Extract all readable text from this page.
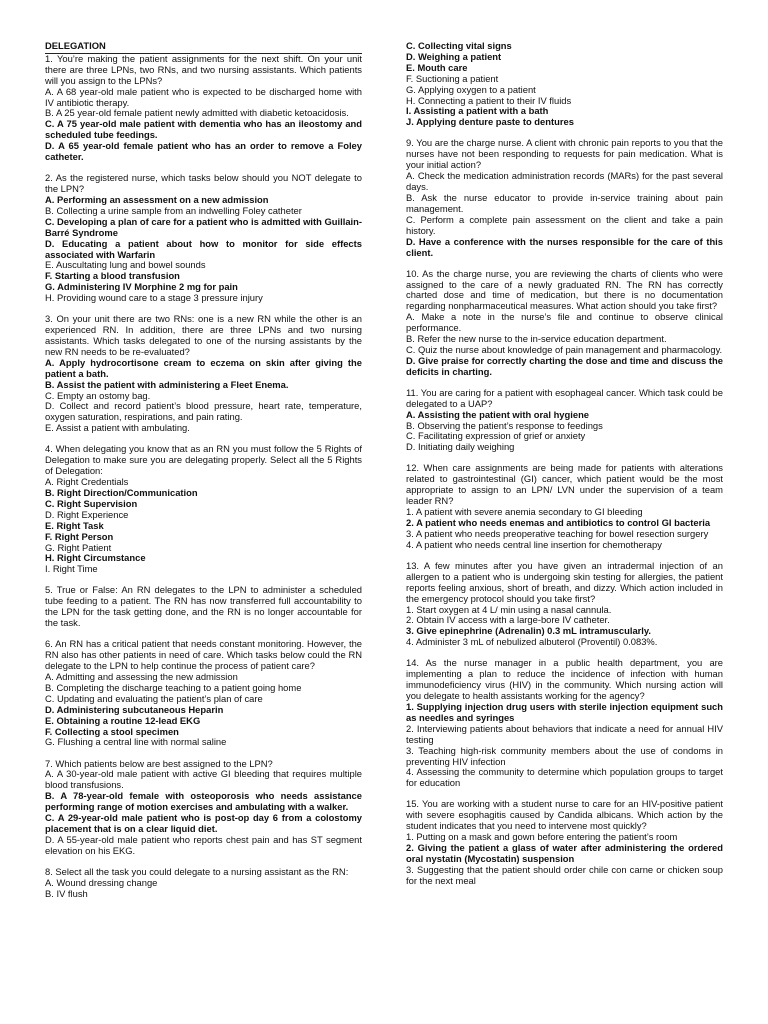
DELEGATION

1. You’re making the patient assignments for the next shift. On your unit there are three LPNs, two RNs, and two nursing assistants. Which patients will you assign to the LPNs?

A. A 68 year-old male patient who is expected to be discharged home with IV antibiotic therapy.

B. A 25 year-old female patient newly admitted with diabetic ketoacidosis.

C. A 75 year-old male patient with dementia who has an ileostomy and scheduled tube feedings.

D. A 65 year-old female patient who has an order to remove a Foley catheter.

2. As the registered nurse, which tasks below should you NOT delegate to the LPN?

A. Performing an assessment on a new admission

B. Collecting a urine sample from an indwelling Foley catheter

C. Developing a plan of care for a patient who is admitted with Guillain-Barré Syndrome

D. Educating a patient about how to monitor for side effects associated with Warfarin

E. Auscultating lung and bowel sounds

F. Starting a blood transfusion

G. Administering IV Morphine 2 mg for pain

H. Providing wound care to a stage 3 pressure injury

3. On your unit there are two RNs: one is a new RN while the other is an experienced RN. In addition, there are three LPNs and two nursing assistants. Which tasks delegated to one of the nursing assistants by the new RN needs to be re-evaluated?

A. Apply hydrocortisone cream to eczema on skin after giving the patient a bath.

B. Assist the patient with administering a Fleet Enema.

C. Empty an ostomy bag.

D. Collect and record patient’s blood pressure, heart rate, temperature, oxygen saturation, respirations, and pain rating.

E. Assist a patient with ambulating.

4. When delegating you know that as an RN you must follow the 5 Rights of Delegation to make sure you are delegating properly. Select all the 5 Rights of Delegation:

A. Right Credentials

B. Right Direction/Communication

C. Right Supervision

D. Right Experience

E. Right Task

F. Right Person

G. Right Patient

H. Right Circumstance

I. Right Time

5. True or False: An RN delegates to the LPN to administer a scheduled tube feeding to a patient. The RN has now transferred full accountability to the LPN for the task getting done, and the RN is no longer accountable for the task.

6. An RN has a critical patient that needs constant monitoring. However, the RN also has other patients in need of care. Which tasks below could the RN delegate to the LPN to help continue the process of patient care?

A. Admitting and assessing the new admission

B. Completing the discharge teaching to a patient going home

C. Updating and evaluating the patient’s plan of care

D. Administering subcutaneous Heparin

E. Obtaining a routine 12-lead EKG

F. Collecting a stool specimen

G. Flushing a central line with normal saline

7. Which patients below are best assigned to the LPN?

A. A 30-year-old male patient with active GI bleeding that requires multiple blood transfusions.

B. A 78-year-old female with osteoporosis who needs assistance performing range of motion exercises and ambulating with a walker.

C. A 29-year-old male patient who is post-op day 6 from a colostomy placement that is on a clear liquid diet.

D. A 55-year-old male patient who reports chest pain and has ST segment elevation on his EKG.

8. Select all the task you could delegate to a nursing assistant as the RN:

A. Wound dressing change

B. IV flush

C. Collecting vital signs

D. Weighing a patient

E. Mouth care

F. Suctioning a patient

G. Applying oxygen to a patient

H. Connecting a patient to their IV fluids

I. Assisting a patient with a bath

J. Applying denture paste to dentures

9. You are the charge nurse. A client with chronic pain reports to you that the nurses have not been responding to requests for pain medication. What is your initial action?

A. Check the medication administration records (MARs) for the past several days.

B. Ask the nurse educator to provide in-service training about pain management.

C. Perform a complete pain assessment on the client and take a pain history.

D. Have a conference with the nurses responsible for the care of this client.

10. As the charge nurse, you are reviewing the charts of clients who were assigned to the care of a newly graduated RN. The RN has correctly charted dose and time of medication, but there is no documentation regarding nonpharmaceutical measures. What action should you take first?

A. Make a note in the nurse’s file and continue to observe clinical performance.

B. Refer the new nurse to the in-service education department.

C. Quiz the nurse about knowledge of pain management and pharmacology.

D. Give praise for correctly charting the dose and time and discuss the deficits in charting.

11. You are caring for a patient with esophageal cancer. Which task could be delegated to a UAP?

A. Assisting the patient with oral hygiene

B. Observing the patient’s response to feedings

C. Facilitating expression of grief or anxiety

D. Initiating daily weighing

12. When care assignments are being made for patients with alterations related to gastrointestinal (GI) cancer, which patient would be the most appropriate to assign to an LPN/ LVN under the supervision of a team leader RN?

1. A patient with severe anemia secondary to GI bleeding

2. A patient who needs enemas and antibiotics to control GI bacteria

3. A patient who needs preoperative teaching for bowel resection surgery

4. A patient who needs central line insertion for chemotherapy

13. A few minutes after you have given an intradermal injection of an allergen to a patient who is undergoing skin testing for allergies, the patient reports feeling anxious, short of breath, and dizzy. Which action included in the emergency protocol should you take first?

1. Start oxygen at 4 L/ min using a nasal cannula.

2. Obtain IV access with a large-bore IV catheter.

3. Give epinephrine (Adrenalin) 0.3 mL intramuscularly.

4. Administer 3 mL of nebulized albuterol (Proventil) 0.083%.

14. As the nurse manager in a public health department, you are implementing a plan to reduce the incidence of infection with human immunodeficiency virus (HIV) in the community. Which nursing action will you delegate to health assistants working for the agency?

1. Supplying injection drug users with sterile injection equipment such as needles and syringes

2. Interviewing patients about behaviors that indicate a need for annual HIV testing

3. Teaching high-risk community members about the use of condoms in preventing HIV infection

4. Assessing the community to determine which population groups to target for education

15. You are working with a student nurse to care for an HIV-positive patient with severe esophagitis caused by Candida albicans. Which action by the student indicates that you need to intervene most quickly?

1. Putting on a mask and gown before entering the patient’s room

2. Giving the patient a glass of water after administering the ordered oral nystatin (Mycostatin) suspension

3. Suggesting that the patient should order chile con carne or chicken soup for the next meal
